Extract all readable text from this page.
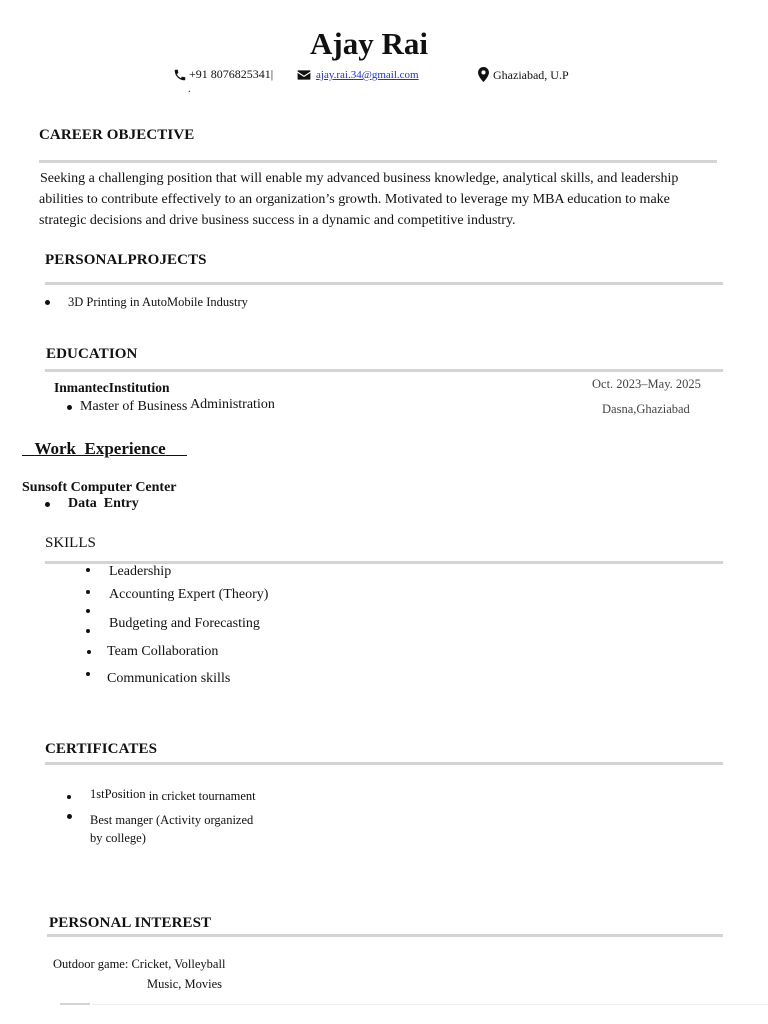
Ajay Rai
+91 8076825341|
.
ajay.rai.34@gmail.com	Ghaziabad, U.P
CAREER OBJECTIVE
Seeking a challenging position that will enable my advanced business knowledge, analytical skills, and leadership
abilities to contribute effectively to an organization’s growth. Motivated to leverage my MBA education to make
strategic decisions and drive business success in a dynamic and competitive industry.
PERSONALPROJECTS
3D Printing in AutoMobile Industry
EDUCATION
InmantecInstitution
Master of Business Administration
Oct. 2023–May. 2025
Dasna,Ghaziabad
Work  Experience
Sunsoft Computer Center
Data  Entry
SKILLS
Leadership
Accounting Expert (Theory)
Budgeting and Forecasting
Team Collaboration
Communication skills
CERTIFICATES
1stPosition in cricket tournament
Best manger (Activity organized
by college)
PERSONAL INTEREST
Outdoor game: Cricket, Volleyball
Music, Movies
